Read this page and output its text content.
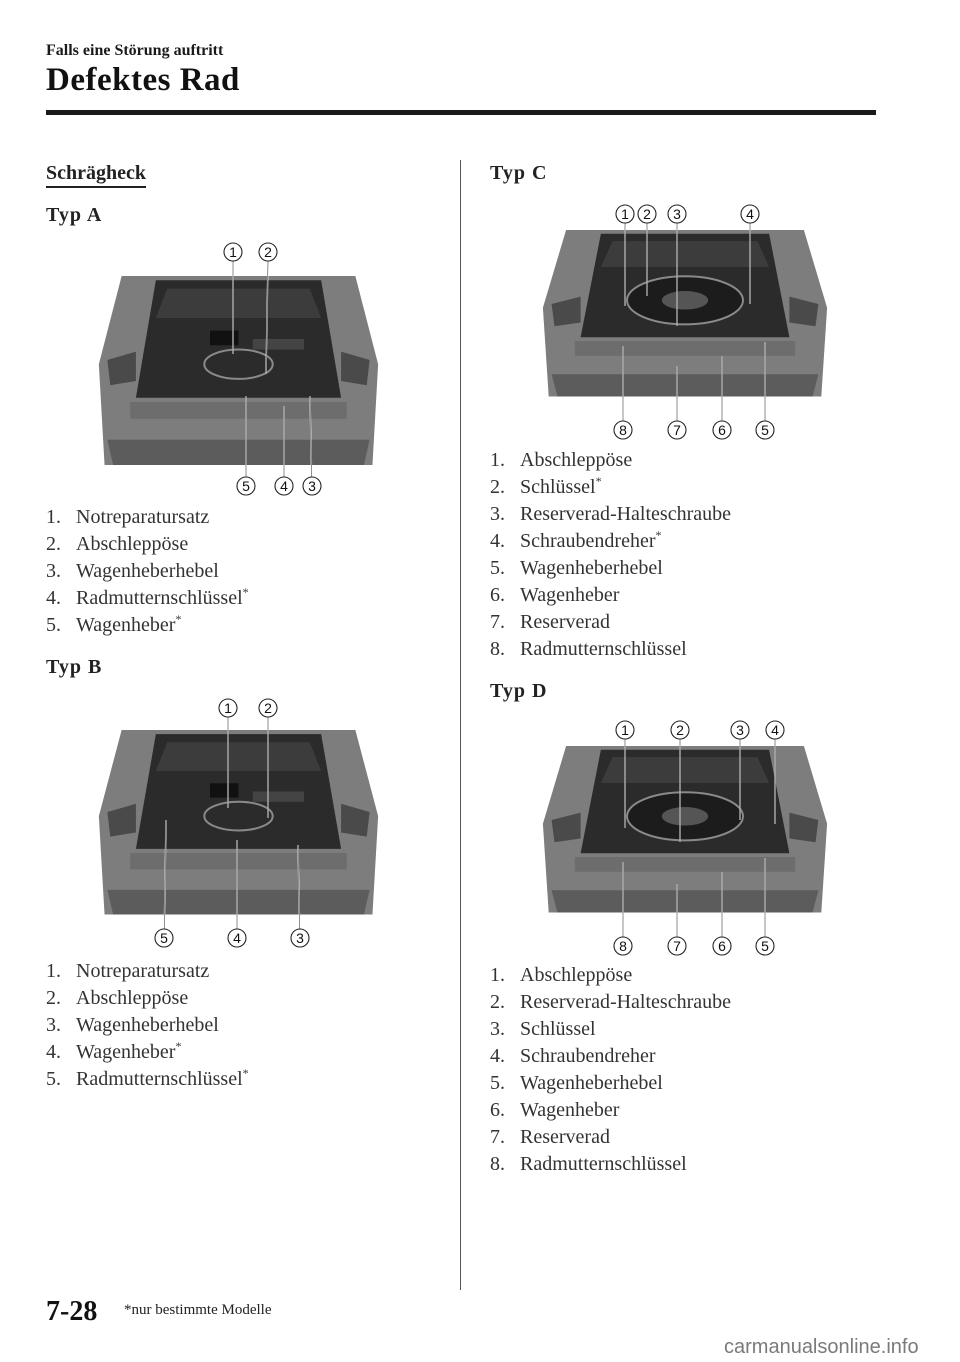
Falls eine Störung auftritt
Defektes Rad
Schrägheck
Typ A
1 2
5 4 3
1. Notreparatursatz
2. Abschleppöse
3. Wagenheberhebel
4. Radmutternschlüssel*
5. Wagenheber*
Typ B
1 2
5	4	3
1. Notreparatursatz
2. Abschleppöse
3. Wagenheberhebel
4. Wagenheber*
5. Radmutternschlüssel*
Typ C
1 2 3	4
8	7	6	5
1. Abschleppöse
2. Schlüssel*
3. Reserverad-Halteschraube
4. Schraubendreher*
5. Wagenheberhebel
6. Wagenheber
7. Reserverad
8. Radmutternschlüssel
Typ D
1	2	3 4
8	7	6	5
1. Abschleppöse
2. Reserverad-Halteschraube
3. Schlüssel
4. Schraubendreher
5. Wagenheberhebel
6. Wagenheber
7. Reserverad
8. Radmutternschlüssel
7-28 *nur bestimmte Modelle
carmanualsonline.info
